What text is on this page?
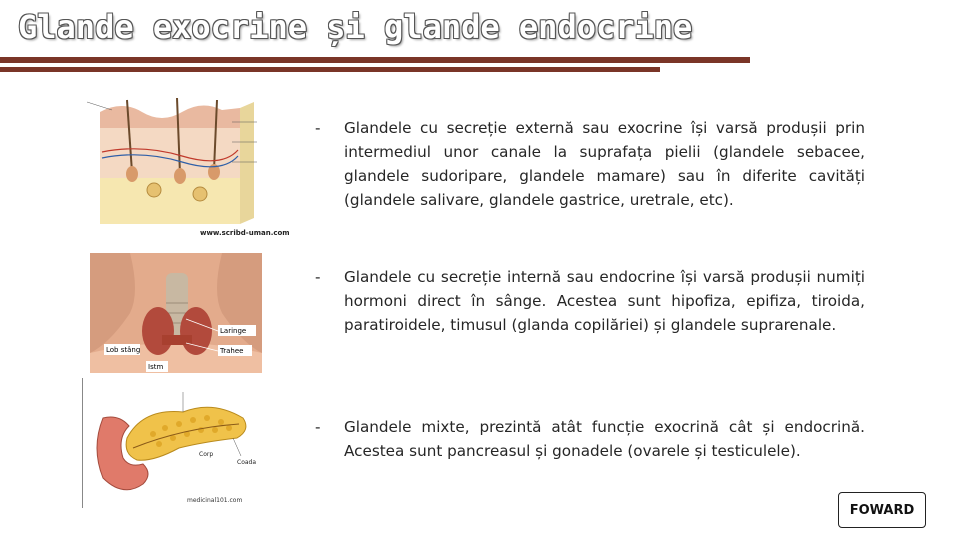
Glande exocrine și glande endocrine
www.scribd-uman.com
Laringe
Trahee
Lob stâng
Istm
Corp
Coada
medicinal101.com
- Glandele cu secreție externă sau exocrine își varsă produșii prin intermediul unor canale la suprafața pielii (glandele sebacee, glandele sudoripare, glandele mamare) sau în diferite cavități (glandele salivare, glandele gastrice, uretrale, etc).
- Glandele cu secreție internă sau endocrine își varsă produșii numiți hormoni direct în sânge. Acestea sunt hipofiza, epifiza, tiroida, paratiroidele, timusul (glanda copilăriei) și glandele suprarenale.
- Glandele mixte, prezintă atât funcție exocrină cât și endocrină. Acestea sunt pancreasul și gonadele (ovarele și testiculele).
FOWARD
